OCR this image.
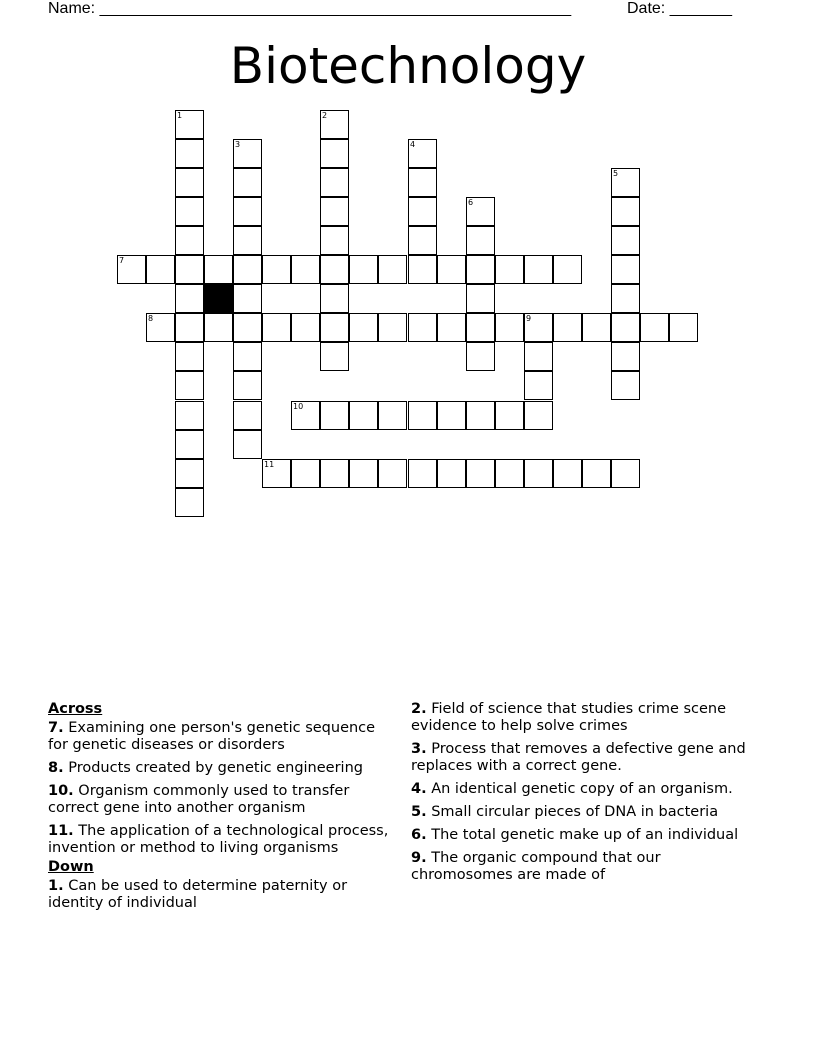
Name: _____________________________________________________	Date: _______
Biotechnology
1	2
3	4
5
6
7
8	9
10
11
Across
7. Examining one person's genetic sequence for genetic diseases or disorders
8. Products created by genetic engineering
10. Organism commonly used to transfer correct gene into another organism
11. The application of a technological process, invention or method to living organisms
Down
1. Can be used to determine paternity or identity of individual
2. Field of science that studies crime scene evidence to help solve crimes
3. Process that removes a defective gene and replaces with a correct gene.
4. An identical genetic copy of an organism.
5. Small circular pieces of DNA in bacteria
6. The total genetic make up of an individual
9. The organic compound that our chromosomes are made of
